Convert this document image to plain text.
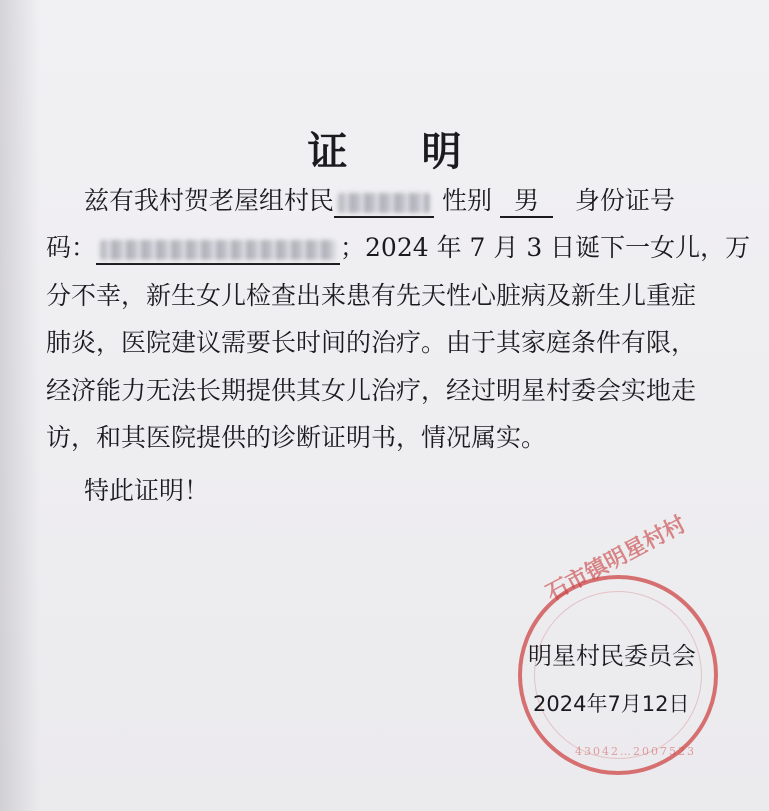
证 明
兹有我村贺老屋组村民	性别 男 身份证号
码：	；2024 年 7 月 3 日诞下一女儿，万
分不幸，新生女儿检查出来患有先天性心脏病及新生儿重症
肺炎，医院建议需要长时间的治疗。由于其家庭条件有限，
经济能力无法长期提供其女儿治疗，经过明星村委会实地走
访，和其医院提供的诊断证明书，情况属实。
特此证明！
石市镇明星村村
43042…2007523
明星村民委员会
2024年7月12日
